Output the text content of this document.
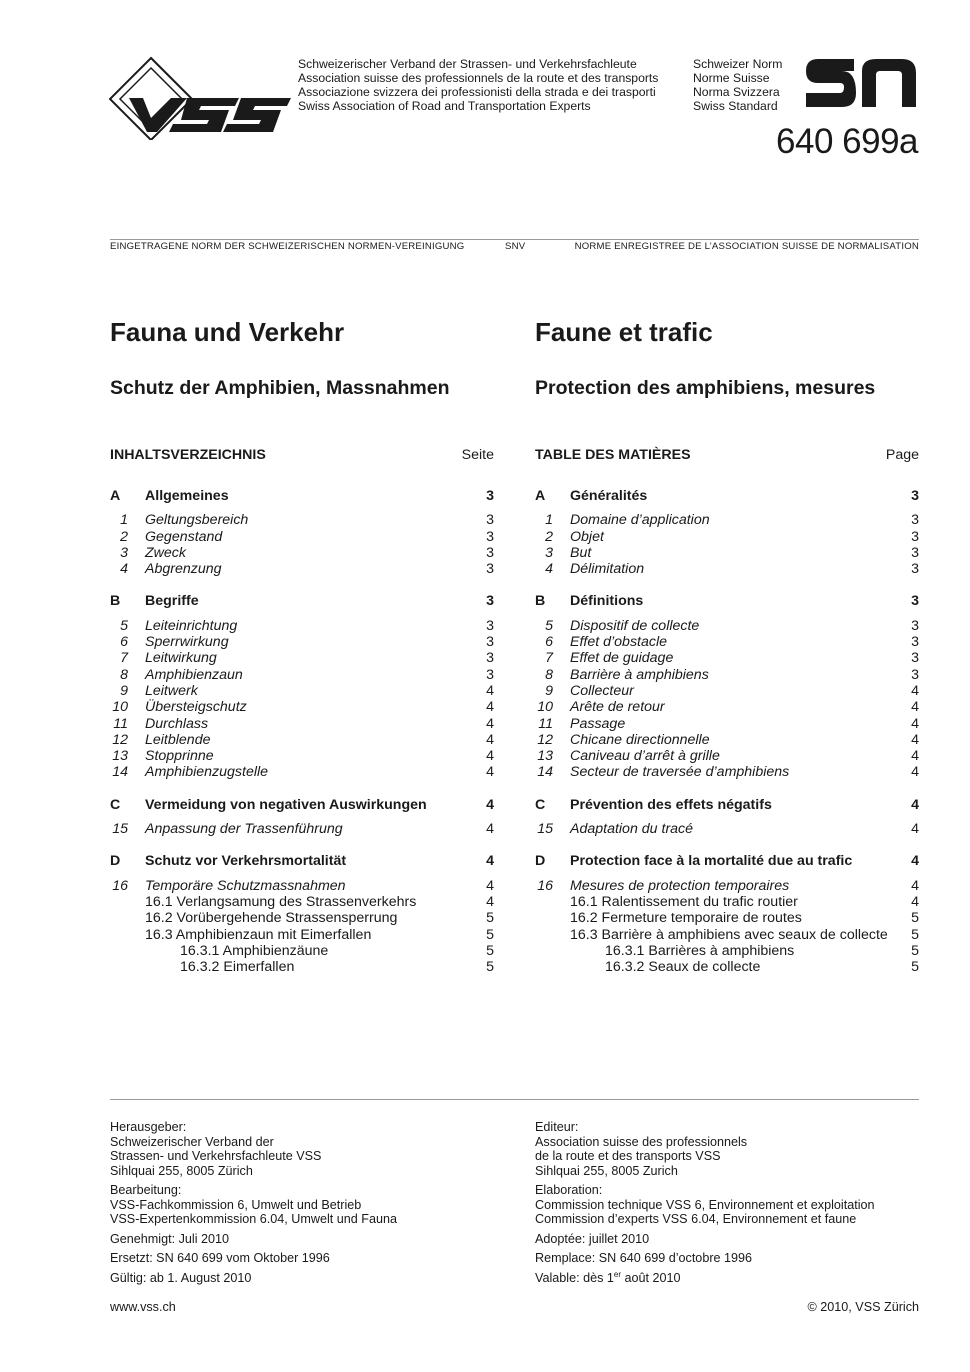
Schweizerischer Verband der Strassen- und Verkehrsfachleute
Association suisse des professionnels de la route et des transports
Associazione svizzera dei professionisti della strada e dei trasporti
Swiss Association of Road and Transportation Experts
Schweizer Norm
Norme Suisse
Norma Svizzera
Swiss Standard
640 699a
EINGETRAGENE NORM DER SCHWEIZERISCHEN NORMEN-VEREINIGUNG	SNV	NORME ENREGISTREE DE L’ASSOCIATION SUISSE DE NORMALISATION
Fauna und Verkehr	Faune et trafic
Schutz der Amphibien, Massnahmen	Protection des amphibiens, mesures
INHALTSVERZEICHNIS	Seite
A	Allgemeines	3
1 Geltungsbereich	3
2 Gegenstand	3
3 Zweck	3
4 Abgrenzung	3
B	Begriffe	3
5 Leiteinrichtung	3
6 Sperrwirkung	3
7 Leitwirkung	3
8 Amphibienzaun	3
9 Leitwerk	4
10 Übersteigschutz	4
11 Durchlass	4
12 Leitblende	4
13 Stopprinne	4
14 Amphibienzugstelle	4
C	Vermeidung von negativen Auswirkungen	4
15 Anpassung der Trassenführung	4
D	Schutz vor Verkehrsmortalität	4
16 Temporäre Schutzmassnahmen	4
16.1 Verlangsamung des Strassenverkehrs	4
16.2 Vorübergehende Strassensperrung	5
16.3 Amphibienzaun mit Eimerfallen	5
16.3.1 Amphibienzäune	5
16.3.2 Eimerfallen	5
TABLE DES MATIÈRES	Page
A	Généralités	3
1 Domaine d’application	3
2 Objet	3
3 But	3
4 Délimitation	3
B	Définitions	3
5 Dispositif de collecte	3
6 Effet d’obstacle	3
7 Effet de guidage	3
8 Barrière à amphibiens	3
9 Collecteur	4
10 Arête de retour	4
11 Passage	4
12 Chicane directionnelle	4
13 Caniveau d’arrêt à grille	4
14 Secteur de traversée d’amphibiens	4
C	Prévention des effets négatifs	4
15 Adaptation du tracé	4
D	Protection face à la mortalité due au trafic	4
16 Mesures de protection temporaires	4
16.1 Ralentissement du trafic routier	4
16.2 Fermeture temporaire de routes	5
16.3 Barrière à amphibiens avec seaux de collecte	5
16.3.1 Barrières à amphibiens	5
16.3.2 Seaux de collecte	5

Herausgeber:
Schweizerischer Verband der
Strassen- und Verkehrsfachleute VSS
Sihlquai 255, 8005 Zürich

Bearbeitung:
VSS-Fachkommission 6, Umwelt und Betrieb
VSS-Expertenkommission 6.04, Umwelt und Fauna

Genehmigt: Juli 2010

Ersetzt: SN 640 699 vom Oktober 1996

Gültig: ab 1. August 2010

Editeur:
Association suisse des professionnels
de la route et des transports VSS
Sihlquai 255, 8005 Zurich

Elaboration:
Commission technique VSS 6, Environnement et exploitation
Commission d’experts VSS 6.04, Environnement et faune

Adoptée: juillet 2010

Remplace: SN 640 699 d’octobre 1996

Valable: dès 1er août 2010

www.vss.ch	© 2010, VSS Zürich
